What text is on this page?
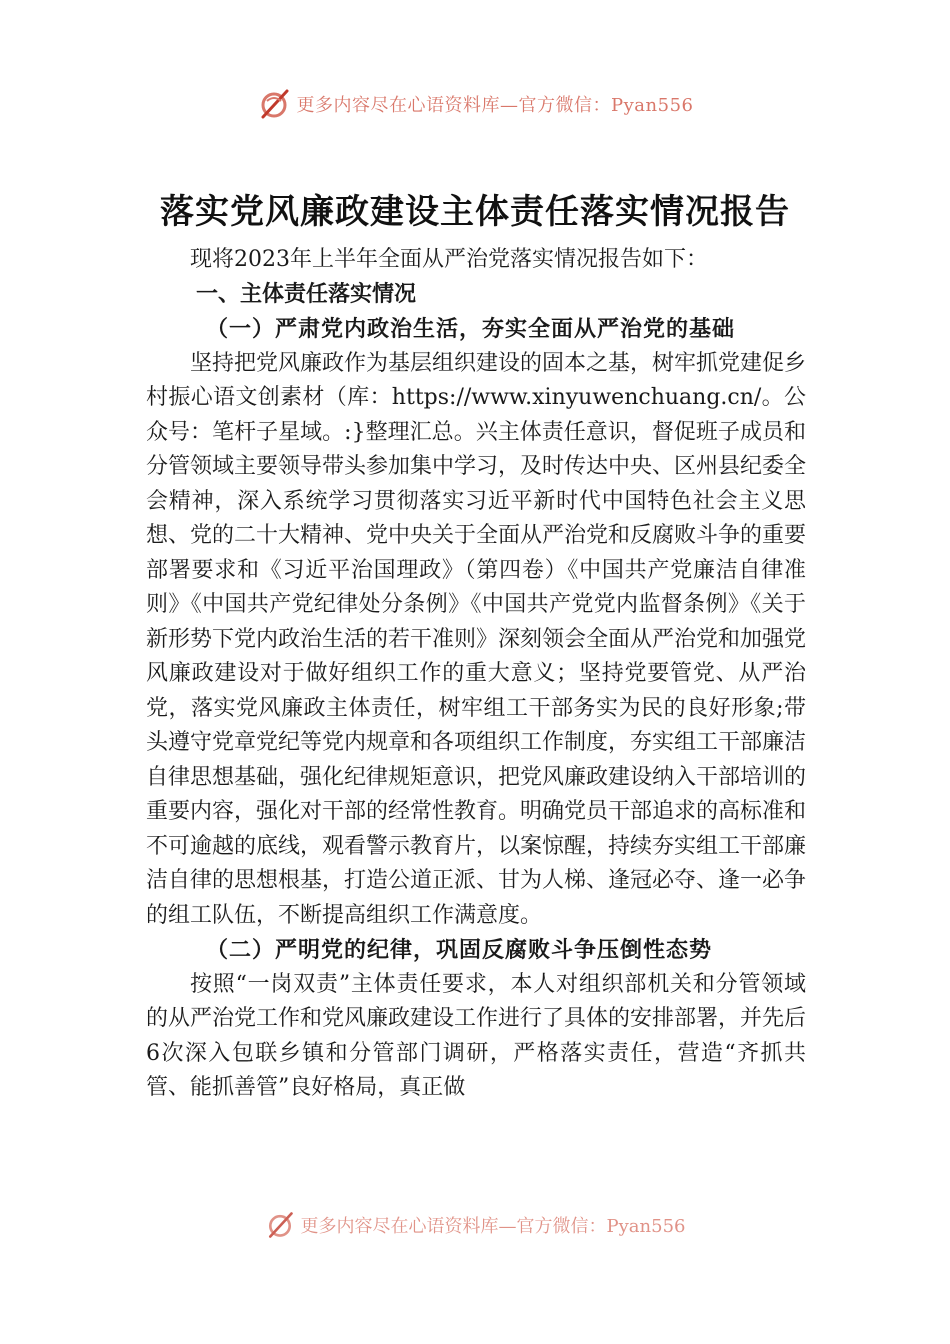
更多内容尽在心语资料库—官方微信：Pyan556
落实党风廉政建设主体责任落实情况报告

现将2023年上半年全面从严治党落实情况报告如下：

一、主体责任落实情况

（一）严肃党内政治生活，夯实全面从严治党的基础

坚持把党风廉政作为基层组织建设的固本之基，树牢抓党建促乡村振心语文创素材（库：https://www.xinyuwenchuang.cn/。公众号：笔杆子星域。:}整理汇总。兴主体责任意识，督促班子成员和分管领域主要领导带头参加集中学习，及时传达中央、区州县纪委全会精神，深入系统学习贯彻落实习近平新时代中国特色社会主义思想、党的二十大精神、党中央关于全面从严治党和反腐败斗争的重要部署要求和《习近平治国理政》（第四卷）《中国共产党廉洁自律准则》《中国共产党纪律处分条例》《中国共产党党内监督条例》《关于新形势下党内政治生活的若干准则》深刻领会全面从严治党和加强党风廉政建设对于做好组织工作的重大意义；坚持党要管党、从严治党，落实党风廉政主体责任，树牢组工干部务实为民的良好形象;带头遵守党章党纪等党内规章和各项组织工作制度，夯实组工干部廉洁自律思想基础，强化纪律规矩意识，把党风廉政建设纳入干部培训的重要内容，强化对干部的经常性教育。明确党员干部追求的高标准和不可逾越的底线，观看警示教育片，以案惊醒，持续夯实组工干部廉洁自律的思想根基，打造公道正派、甘为人梯、逢冠必夺、逢一必争的组工队伍，不断提高组织工作满意度。

（二）严明党的纪律，巩固反腐败斗争压倒性态势

按照“一岗双责”主体责任要求，本人对组织部机关和分管领域的从严治党工作和党风廉政建设工作进行了具体的安排部署，并先后6次深入包联乡镇和分管部门调研，严格落实责任，营造“齐抓共管、能抓善管”良好格局，真正做

更多内容尽在心语资料库—官方微信：Pyan556
